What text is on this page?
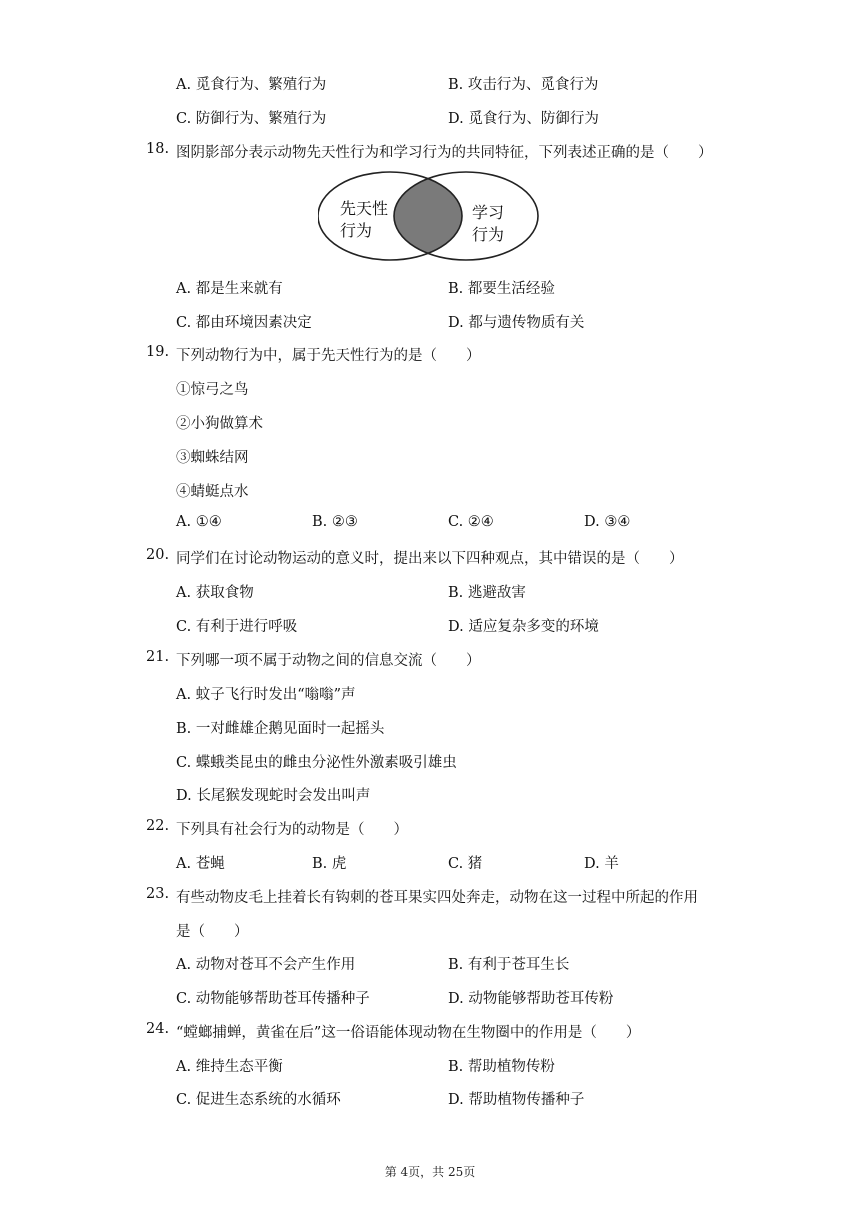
A. 觅食行为、繁殖行为	B. 攻击行为、觅食行为
C. 防御行为、繁殖行为	D. 觅食行为、防御行为
18. 图阴影部分表示动物先天性行为和学习行为的共同特征，下列表述正确的是（　　）
先天性
行为
学习
行为
A. 都是生来就有	B. 都要生活经验
C. 都由环境因素决定	D. 都与遗传物质有关
19. 下列动物行为中，属于先天性行为的是（　　）
①惊弓之鸟
②小狗做算术
③蜘蛛结网
④蜻蜓点水
A. ①④	B. ②③	C. ②④	D. ③④
20. 同学们在讨论动物运动的意义时，提出来以下四种观点，其中错误的是（　　）
A. 获取食物	B. 逃避敌害
C. 有利于进行呼吸	D. 适应复杂多变的环境
21. 下列哪一项不属于动物之间的信息交流（　　）
A. 蚊子飞行时发出“嗡嗡”声
B. 一对雌雄企鹅见面时一起摇头
C. 蝶蛾类昆虫的雌虫分泌性外激素吸引雄虫
D. 长尾猴发现蛇时会发出叫声
22. 下列具有社会行为的动物是（　　）
A. 苍蝇	B. 虎	C. 猪	D. 羊
23. 有些动物皮毛上挂着长有钩刺的苍耳果实四处奔走，动物在这一过程中所起的作用
是（　　）
A. 动物对苍耳不会产生作用	B. 有利于苍耳生长
C. 动物能够帮助苍耳传播种子	D. 动物能够帮助苍耳传粉
24. “螳螂捕蝉，黄雀在后”这一俗语能体现动物在生物圈中的作用是（　　）
A. 维持生态平衡	B. 帮助植物传粉
C. 促进生态系统的水循环	D. 帮助植物传播种子
第 4页，共 25页
